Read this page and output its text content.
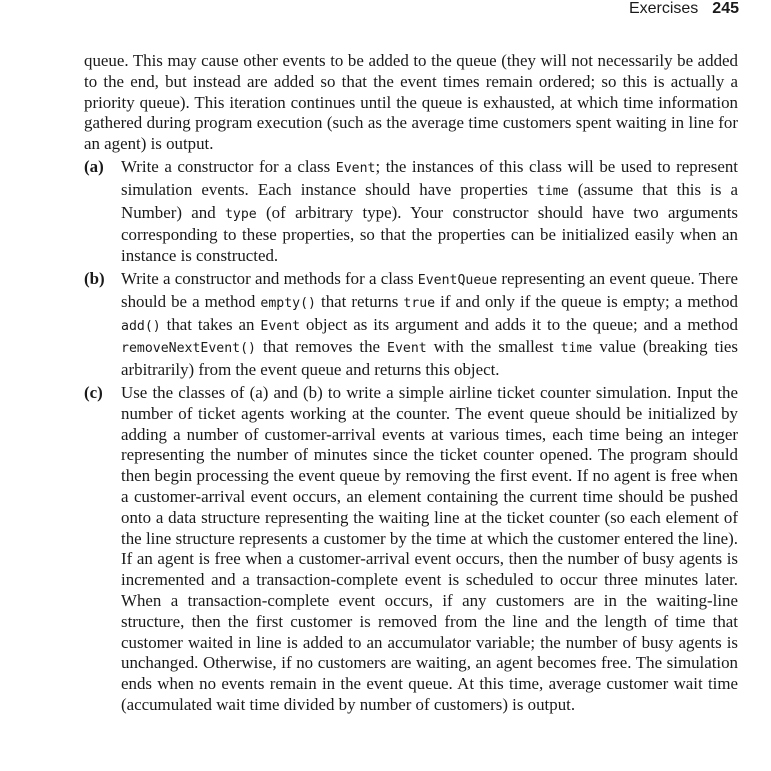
Exercises 245

queue. This may cause other events to be added to the queue (they will not necessarily be added to the end, but instead are added so that the event times remain ordered; so this is actually a priority queue). This iteration continues until the queue is exhausted, at which time information gathered during program execution (such as the average time customers spent waiting in line for an agent) is output.

(a) Write a constructor for a class Event; the instances of this class will be used to represent simulation events. Each instance should have properties time (assume that this is a Number) and type (of arbitrary type). Your constructor should have two arguments corresponding to these properties, so that the properties can be initialized easily when an instance is constructed.
(b) Write a constructor and methods for a class EventQueue representing an event queue. There should be a method empty() that returns true if and only if the queue is empty; a method add() that takes an Event object as its argument and adds it to the queue; and a method removeNextEvent() that removes the Event with the smallest time value (breaking ties arbitrarily) from the event queue and returns this object.
(c) Use the classes of (a) and (b) to write a simple airline ticket counter simulation. Input the number of ticket agents working at the counter. The event queue should be initialized by adding a number of customer-arrival events at various times, each time being an integer representing the number of minutes since the ticket counter opened. The program should then begin processing the event queue by removing the first event. If no agent is free when a customer-arrival event occurs, an element containing the current time should be pushed onto a data structure representing the waiting line at the ticket counter (so each element of the line structure represents a customer by the time at which the customer entered the line). If an agent is free when a customer-arrival event occurs, then the number of busy agents is incremented and a transaction-complete event is scheduled to occur three minutes later. When a transaction-complete event occurs, if any customers are in the waiting-line structure, then the first customer is removed from the line and the length of time that customer waited in line is added to an accumulator variable; the number of busy agents is unchanged. Otherwise, if no customers are waiting, an agent becomes free. The simulation ends when no events remain in the event queue. At this time, average customer wait time (accumulated wait time divided by number of customers) is output.
